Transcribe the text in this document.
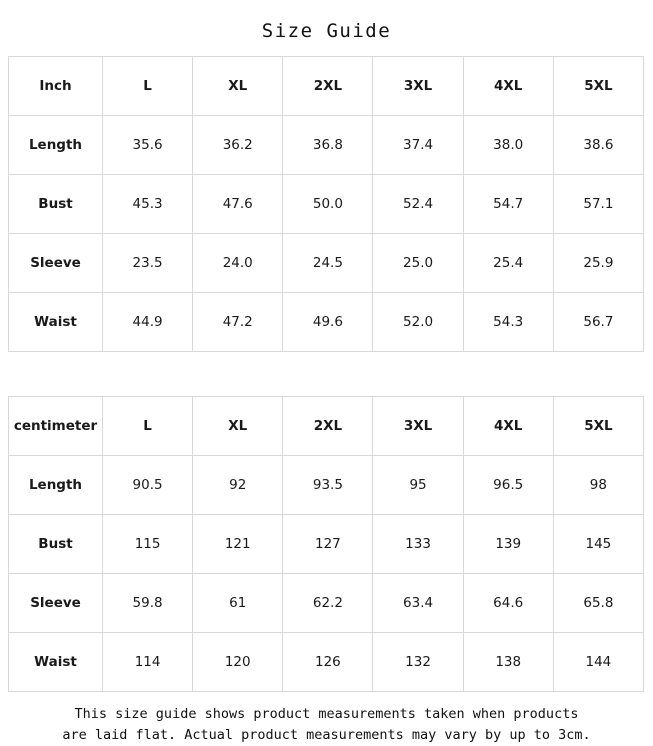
Size Guide
Inch	L	XL	2XL	3XL	4XL	5XL
Length	35.6	36.2	36.8	37.4	38.0	38.6
Bust	45.3	47.6	50.0	52.4	54.7	57.1
Sleeve	23.5	24.0	24.5	25.0	25.4	25.9
Waist	44.9	47.2	49.6	52.0	54.3	56.7
centimeter	L	XL	2XL	3XL	4XL	5XL
Length	90.5	92	93.5	95	96.5	98
Bust	115	121	127	133	139	145
Sleeve	59.8	61	62.2	63.4	64.6	65.8
Waist	114	120	126	132	138	144
This size guide shows product measurements taken when products
are laid flat. Actual product measurements may vary by up to 3cm.
